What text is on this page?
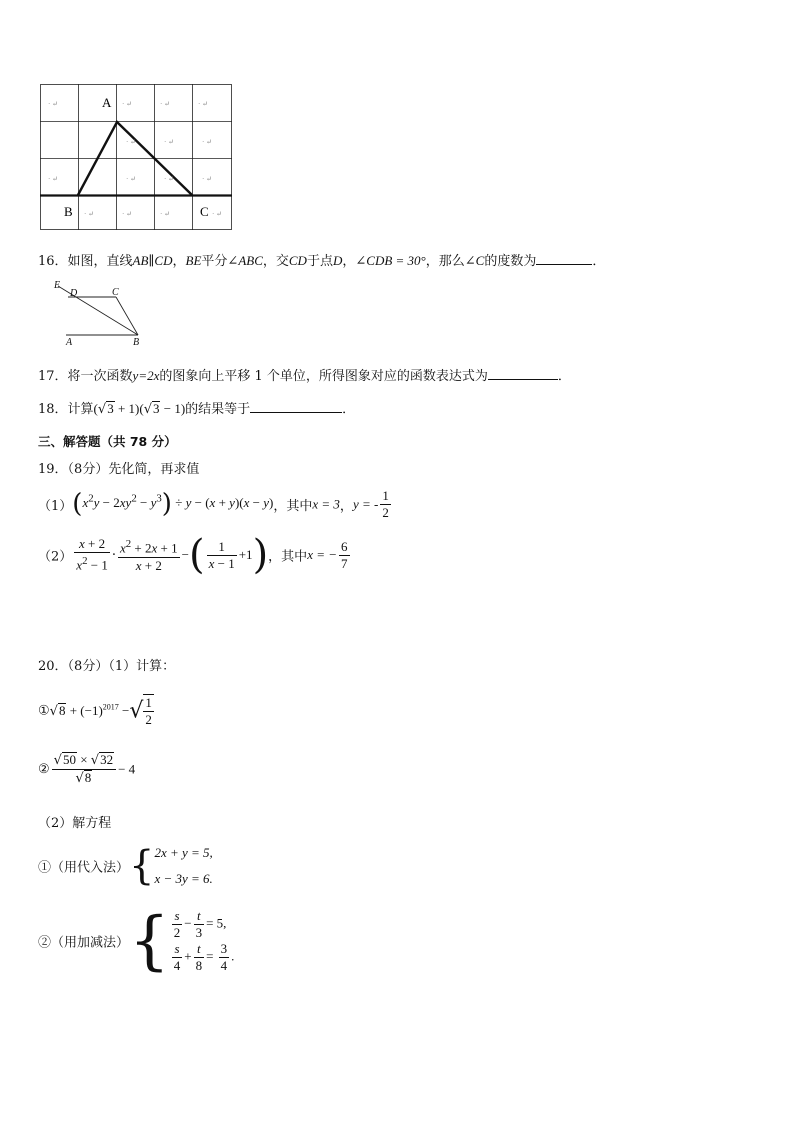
A
B	C
· ↵	· ↵	· ↵	· ↵
· ↵	· ↵	· ↵
· ↵	· ↵	· ↵	· ↵
· ↵	· ↵	· ↵	· ↵
16．如图，直线AB∥CD，BE平分∠ABC，交CD于点D，∠CDB = 30°，那么∠C的度数为	．
E
D	C
A	B
17．将一次函数y=2x的图象向上平移 1 个单位，所得图象对应的函数表达式为	．
18．计算(√3 + 1)(√3 − 1)的结果等于	．
三、解答题（共 78 分）
19．（8分）先化简，再求值
$(1)(x^2y - 2xy^2 - y^3) \div y - (x + y)(x - y)$，其中x = 3，y = - $\frac{1}{2}$
$(2) \frac{x + 2}{x^2 - 1} \cdot \frac{x^2 + 2x + 1}{x + 2}$ −( $\frac{1}{x - 1} +1$)，其中x = − $\frac{6}{7}$
20．（8分）（1）计算：
①√8 + $(-1)^{2017}$ −√ $\frac{1}{2}$
② $\frac{√50 \times √32}{√8} - 4$
（2）解方程
①（用代入法）{ 2x + y = 5,
x − 3y = 6.
②（用加减法）{ $\frac{s}{2} - \frac{t}{3} = 5$,
$\frac{s}{4} + \frac{t}{8} = \frac{3}{4}$ .
